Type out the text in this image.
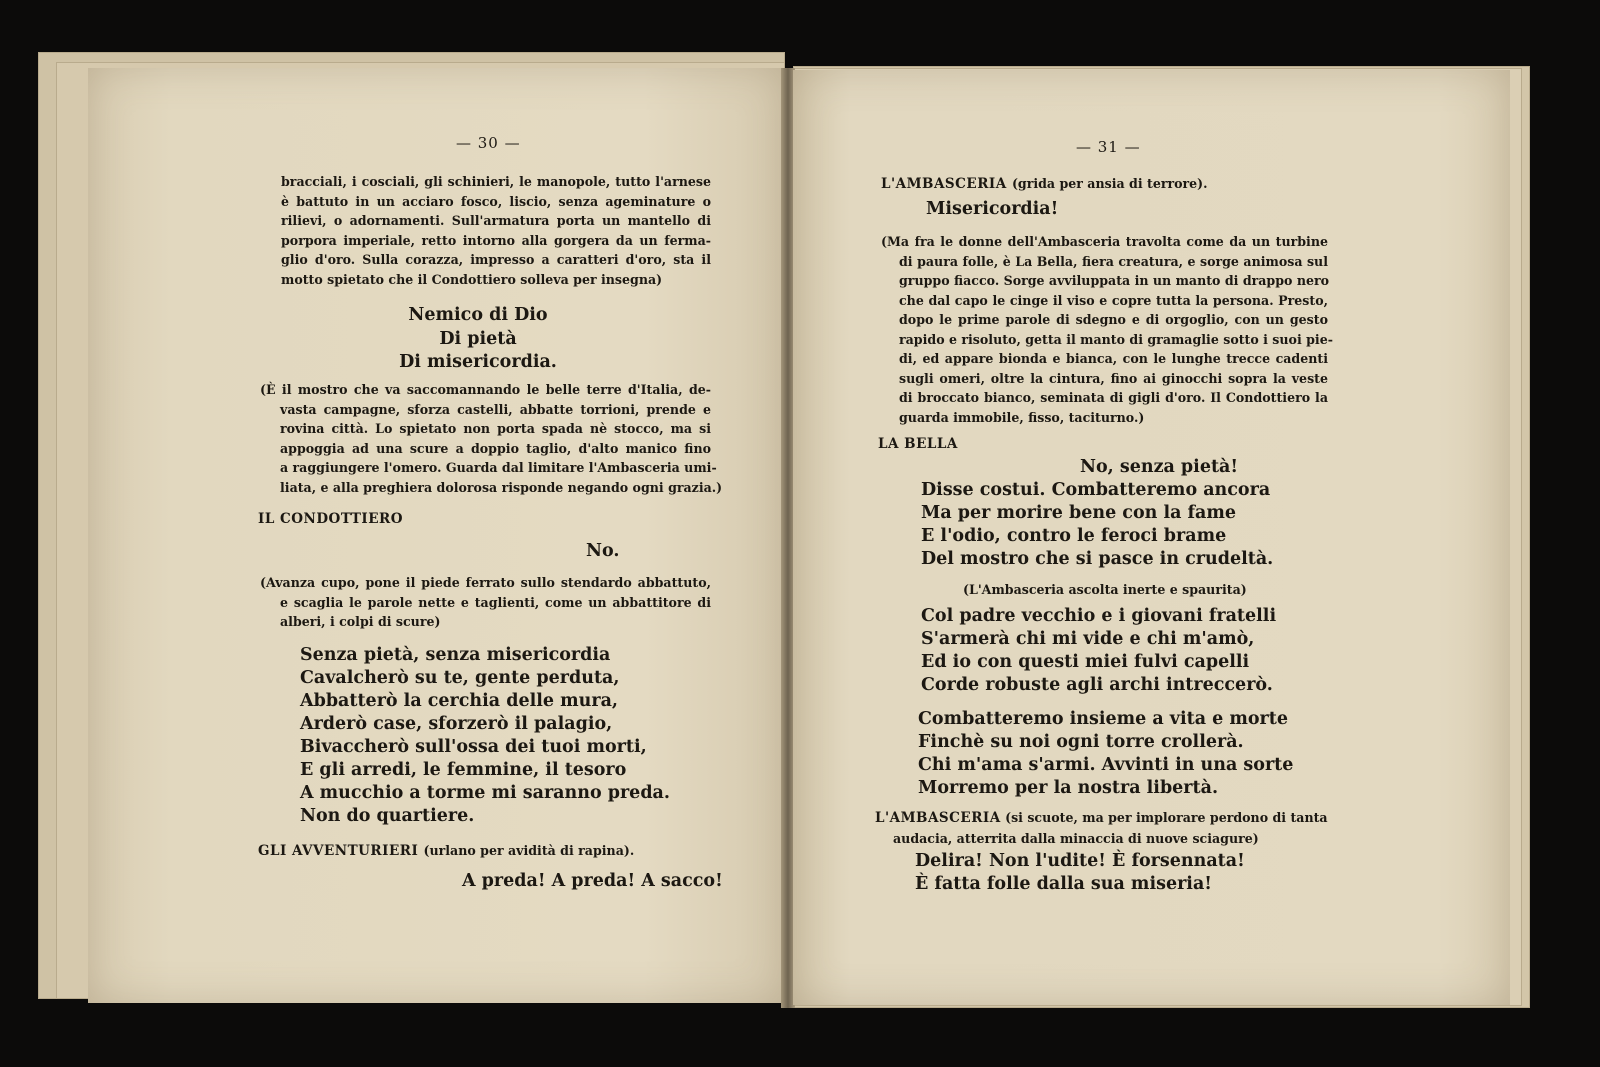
— 30 —
bracciali, i cosciali, gli schinieri, le manopole, tutto l'arnese
è battuto in un acciaro fosco, liscio, senza ageminature o
rilievi, o adornamenti. Sull'armatura porta un mantello di
porpora imperiale, retto intorno alla gorgera da un ferma-
glio d'oro. Sulla corazza, impresso a caratteri d'oro, sta il
motto spietato che il Condottiero solleva per insegna)
Nemico di Dio
Di pietà
Di misericordia.
(È il mostro che va saccomannando le belle terre d'Italia, de-
vasta campagne, sforza castelli, abbatte torrioni, prende e
rovina città. Lo spietato non porta spada nè stocco, ma si
appoggia ad una scure a doppio taglio, d'alto manico fino
a raggiungere l'omero. Guarda dal limitare l'Ambasceria umi-
liata, e alla preghiera dolorosa risponde negando ogni grazia.)
IL CONDOTTIERO
No.
(Avanza cupo, pone il piede ferrato sullo stendardo abbattuto,
e scaglia le parole nette e taglienti, come un abbattitore di
alberi, i colpi di scure)
Senza pietà, senza misericordia
Cavalcherò su te, gente perduta,
Abbatterò la cerchia delle mura,
Arderò case, sforzerò il palagio,
Bivaccherò sull'ossa dei tuoi morti,
E gli arredi, le femmine, il tesoro
A mucchio a torme mi saranno preda.
Non do quartiere.
GLI AVVENTURIERI (urlano per avidità di rapina).
A preda! A preda! A sacco!
— 31 —
L'AMBASCERIA (grida per ansia di terrore).
Misericordia!
(Ma fra le donne dell'Ambasceria travolta come da un turbine
di paura folle, è La Bella, fiera creatura, e sorge animosa sul
gruppo fiacco. Sorge avviluppata in un manto di drappo nero
che dal capo le cinge il viso e copre tutta la persona. Presto,
dopo le prime parole di sdegno e di orgoglio, con un gesto
rapido e risoluto, getta il manto di gramaglie sotto i suoi pie-
di, ed appare bionda e bianca, con le lunghe trecce cadenti
sugli omeri, oltre la cintura, fino ai ginocchi sopra la veste
di broccato bianco, seminata di gigli d'oro. Il Condottiero la
guarda immobile, fisso, taciturno.)
LA BELLA
No, senza pietà!
Disse costui. Combatteremo ancora
Ma per morire bene con la fame
E l'odio, contro le feroci brame
Del mostro che si pasce in crudeltà.
(L'Ambasceria ascolta inerte e spaurita)
Col padre vecchio e i giovani fratelli
S'armerà chi mi vide e chi m'amò,
Ed io con questi miei fulvi capelli
Corde robuste agli archi intreccerò.
Combatteremo insieme a vita e morte
Finchè su noi ogni torre crollerà.
Chi m'ama s'armi. Avvinti in una sorte
Morremo per la nostra libertà.
L'AMBASCERIA (si scuote, ma per implorare perdono di tanta
audacia, atterrita dalla minaccia di nuove sciagure)
Delira! Non l'udite! È forsennata!
È fatta folle dalla sua miseria!
